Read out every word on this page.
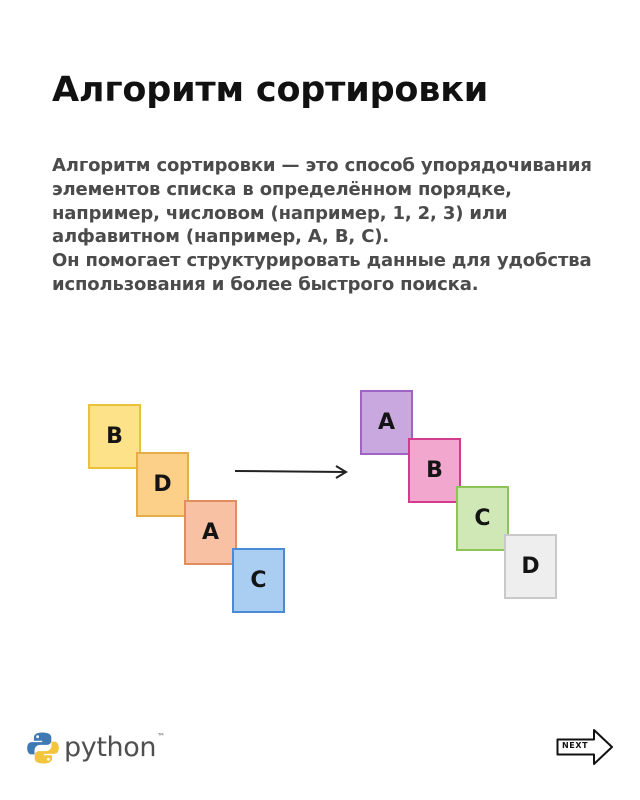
Алгоритм сортировки

Алгоритм сортировки — это способ упорядочивания элементов списка в определённом порядке, например, числовом (например, 1, 2, 3) или алфавитном (например, A, B, C).

Он помогает структурировать данные для удобства использования и более быстрого поиска.

B
D
A
C
A
B
C
D
python ™
NEXT
